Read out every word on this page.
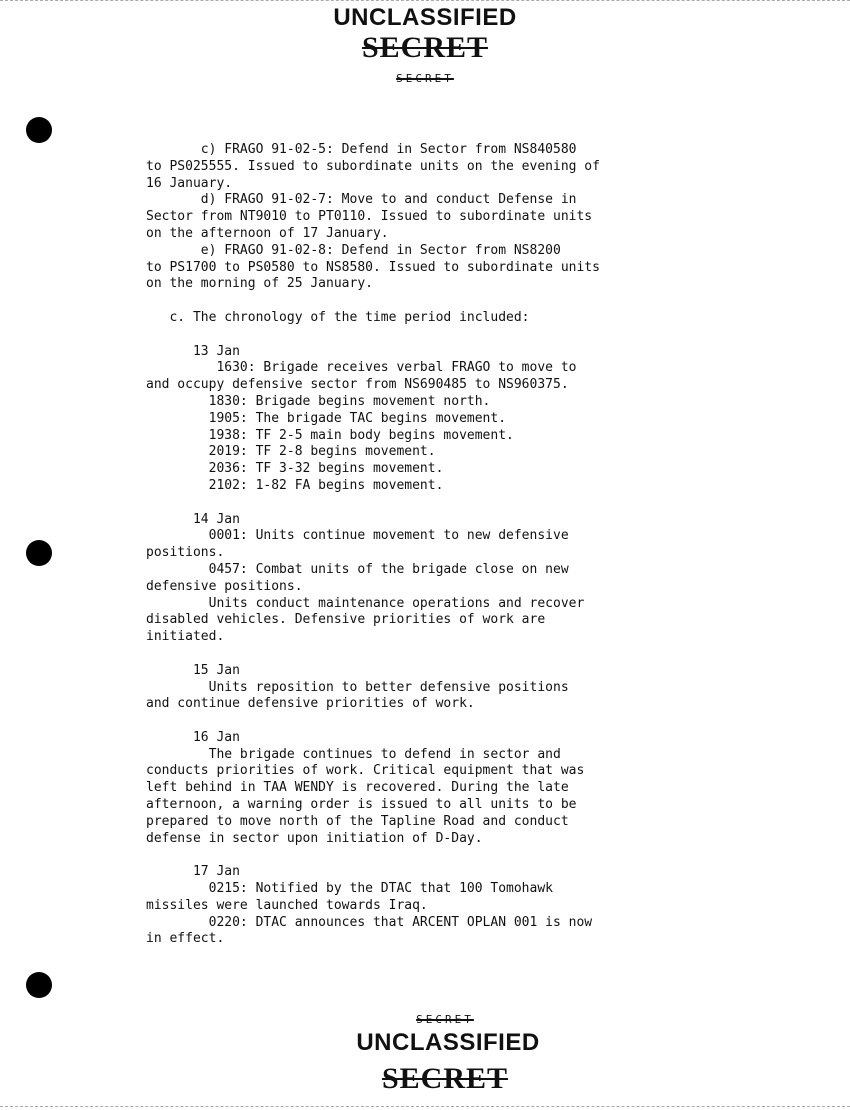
UNCLASSIFIED
SECRET
SECRET
c) FRAGO 91-02-5: Defend in Sector from NS840580
to PS025555. Issued to subordinate units on the evening of
16 January.
d) FRAGO 91-02-7: Move to and conduct Defense in
Sector from NT9010 to PT0110. Issued to subordinate units
on the afternoon of 17 January.
e) FRAGO 91-02-8: Defend in Sector from NS8200
to PS1700 to PS0580 to NS8580. Issued to subordinate units
on the morning of 25 January.
c. The chronology of the time period included:
13 Jan
1630: Brigade receives verbal FRAGO to move to
and occupy defensive sector from NS690485 to NS960375.
1830: Brigade begins movement north.
1905: The brigade TAC begins movement.
1938: TF 2-5 main body begins movement.
2019: TF 2-8 begins movement.
2036: TF 3-32 begins movement.
2102: 1-82 FA begins movement.
14 Jan
0001: Units continue movement to new defensive
positions.
0457: Combat units of the brigade close on new
defensive positions.
Units conduct maintenance operations and recover
disabled vehicles. Defensive priorities of work are
initiated.
15 Jan
Units reposition to better defensive positions
and continue defensive priorities of work.
16 Jan
The brigade continues to defend in sector and
conducts priorities of work. Critical equipment that was
left behind in TAA WENDY is recovered. During the late
afternoon, a warning order is issued to all units to be
prepared to move north of the Tapline Road and conduct
defense in sector upon initiation of D-Day.
17 Jan
0215: Notified by the DTAC that 100 Tomohawk
missiles were launched towards Iraq.
0220: DTAC announces that ARCENT OPLAN 001 is now
in effect.
SECRET
UNCLASSIFIED
SECRET
